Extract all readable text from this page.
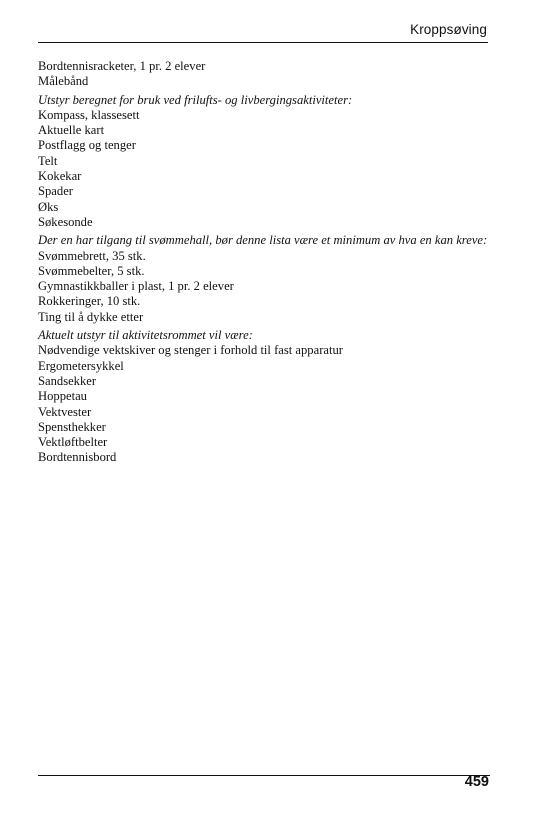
Kroppsøving
Bordtennisracketer, 1 pr. 2 elever
Målebånd
Utstyr beregnet for bruk ved frilufts- og livbergingsaktiviteter:
Kompass, klassesett
Aktuelle kart
Postflagg og tenger
Telt
Kokekar
Spader
Øks
Søkesonde
Der en har tilgang til svømmehall, bør denne lista være et minimum av hva en kan kreve:
Svømmebrett, 35 stk.
Svømmebelter, 5 stk.
Gymnastikkballer i plast, 1 pr. 2 elever
Rokkeringer, 10 stk.
Ting til å dykke etter
Aktuelt utstyr til aktivitetsrommet vil være:
Nødvendige vektskiver og stenger i forhold til fast apparatur
Ergometersykkel
Sandsekker
Hoppetau
Vektvester
Spensthekker
Vektløftbelter
Bordtennisbord
459
